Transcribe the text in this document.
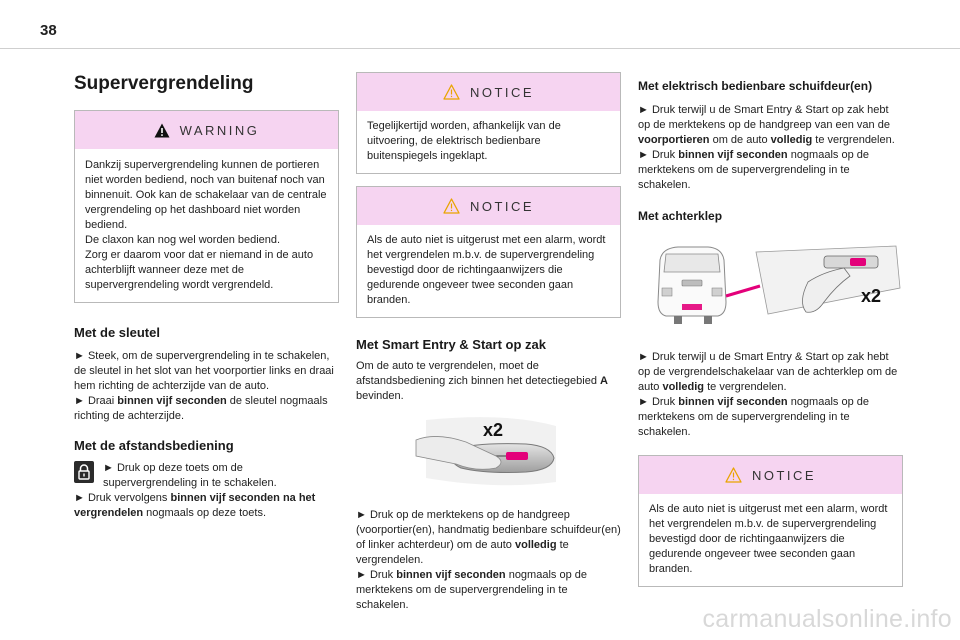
38
Supervergrendeling
WARNING
Dankzij supervergrendeling kunnen de portieren niet worden bediend, noch van buitenaf noch van binnenuit. Ook kan de schakelaar van de centrale vergrendeling op het dashboard niet worden bediend.
De claxon kan nog wel worden bediend.
Zorg er daarom voor dat er niemand in de auto achterblijft wanneer deze met de supervergrendeling wordt vergrendeld.
Met de sleutel
► Steek, om de supervergrendeling in te schakelen, de sleutel in het slot van het voorportier links en draai hem richting de achterzijde van de auto.
► Draai binnen vijf seconden de sleutel nogmaals richting de achterzijde.
Met de afstandsbediening
► Druk op deze toets om de supervergrendeling in te schakelen.
► Druk vervolgens binnen vijf seconden na het vergrendelen nogmaals op deze toets.
NOTICE
Tegelijkertijd worden, afhankelijk van de uitvoering, de elektrisch bedienbare buitenspiegels ingeklapt.
NOTICE
Als de auto niet is uitgerust met een alarm, wordt het vergrendelen m.b.v. de supervergrendeling bevestigd door de richtingaanwijzers die gedurende ongeveer twee seconden gaan branden.
Met Smart Entry & Start op zak
Om de auto te vergrendelen, moet de afstandsbediening zich binnen het detectiegebied A bevinden.
x2
► Druk op de merktekens op de handgreep (voorportier(en), handmatig bedienbare schuifdeur(en) of linker achterdeur) om de auto volledig te vergrendelen.
► Druk binnen vijf seconden nogmaals op de merktekens om de supervergrendeling in te schakelen.
Met elektrisch bedienbare schuifdeur(en)
► Druk terwijl u de Smart Entry & Start op zak hebt op de merktekens op de handgreep van een van de voorportieren om de auto volledig te vergrendelen.
► Druk binnen vijf seconden nogmaals op de merktekens om de supervergrendeling in te schakelen.
Met achterklep
x2
► Druk terwijl u de Smart Entry & Start op zak hebt op de vergrendelschakelaar van de achterklep om de auto volledig te vergrendelen.
► Druk binnen vijf seconden nogmaals op de merktekens om de supervergrendeling in te schakelen.
NOTICE
Als de auto niet is uitgerust met een alarm, wordt het vergrendelen m.b.v. de supervergrendeling bevestigd door de richtingaanwijzers die gedurende ongeveer twee seconden gaan branden.
carmanualsonline.info
